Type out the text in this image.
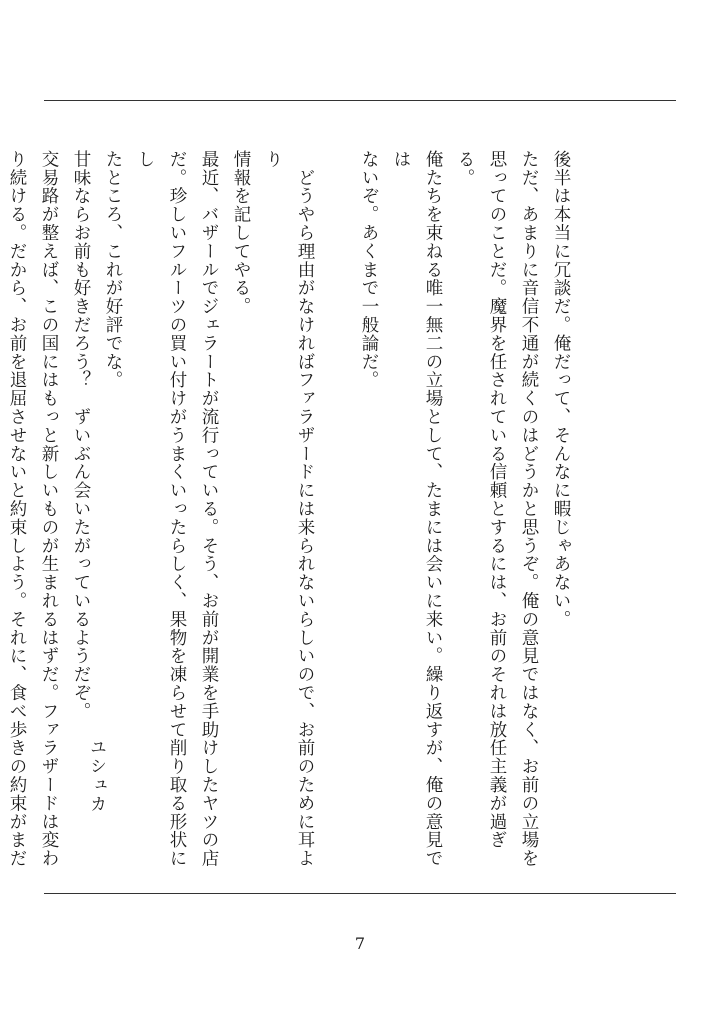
後半は本当に冗談だ。俺だって、そんなに暇じゃあない。
ただ、あまりに音信不通が続くのはどうかと思うぞ。俺の意見ではなく、お前の立場を
思ってのことだ。魔界を任されている信頼とするには、お前のそれは放任主義が過ぎる。
俺たちを束ねる唯一無二の立場として、たまには会いに来い。繰り返すが、俺の意見では
ないぞ。あくまで一般論だ。

　どうやら理由がなければファラザードには来られないらしいので、お前のために耳より
情報を記してやる。
最近、バザールでジェラートが流行っている。そう、お前が開業を手助けしたヤツの店
だ。珍しいフルーツの買い付けがうまくいったらしく、果物を凍らせて削り取る形状にし
たところ、これが好評でな。
甘味ならお前も好きだろう？　ずいぶん会いたがっているようだぞ。
交易路が整えば、この国にはもっと新しいものが生まれるはずだ。ファラザードは変わ
り続ける。だから、お前を退屈させないと約束しよう。それに、食べ歩きの約束がまだ
　	ユシュカ
7
